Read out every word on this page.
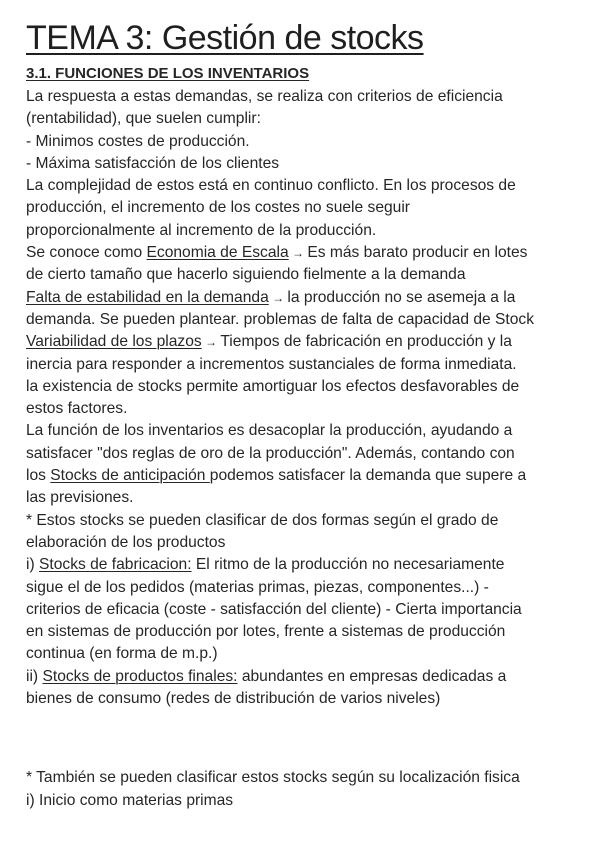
TEMA 3: Gestión de stocks
3.1. FUNCIONES DE LOS INVENTARIOS

La respuesta a estas demandas, se realiza con criterios de eficiencia

(rentabilidad), que suelen cumplir:

- Minimos costes de producción.

- Máxima satisfacción de los clientes

La complejidad de estos está en continuo conflicto. En los procesos de

producción, el incremento de los costes no suele seguir

proporcionalmente al incremento de la producción.

Se conoce como Economia de Escala → Es más barato producir en lotes

de cierto tamaño que hacerlo siguiendo fielmente a la demanda

Falta de estabilidad en la demanda → la producción no se asemeja a la

demanda. Se pueden plantear. problemas de falta de capacidad de Stock

Variabilidad de los plazos → Tiempos de fabricación en producción y la

inercia para responder a incrementos sustanciales de forma inmediata.

la existencia de stocks permite amortiguar los efectos desfavorables de

estos factores.

La función de los inventarios es desacoplar la producción, ayudando a

satisfacer "dos reglas de oro de la producción". Además, contando con

los Stocks de anticipación podemos satisfacer la demanda que supere a

las previsiones.

* Estos stocks se pueden clasificar de dos formas según el grado de

elaboración de los productos

i) Stocks de fabricacion: El ritmo de la producción no necesariamente

sigue el de los pedidos (materias primas, piezas, componentes...) -

criterios de eficacia (coste - satisfacción del cliente) - Cierta importancia

en sistemas de producción por lotes, frente a sistemas de producción

continua (en forma de m.p.)

ii) Stocks de productos finales: abundantes en empresas dedicadas a

bienes de consumo (redes de distribución de varios niveles)

* También se pueden clasificar estos stocks según su localización fisica

i) Inicio como materias primas
